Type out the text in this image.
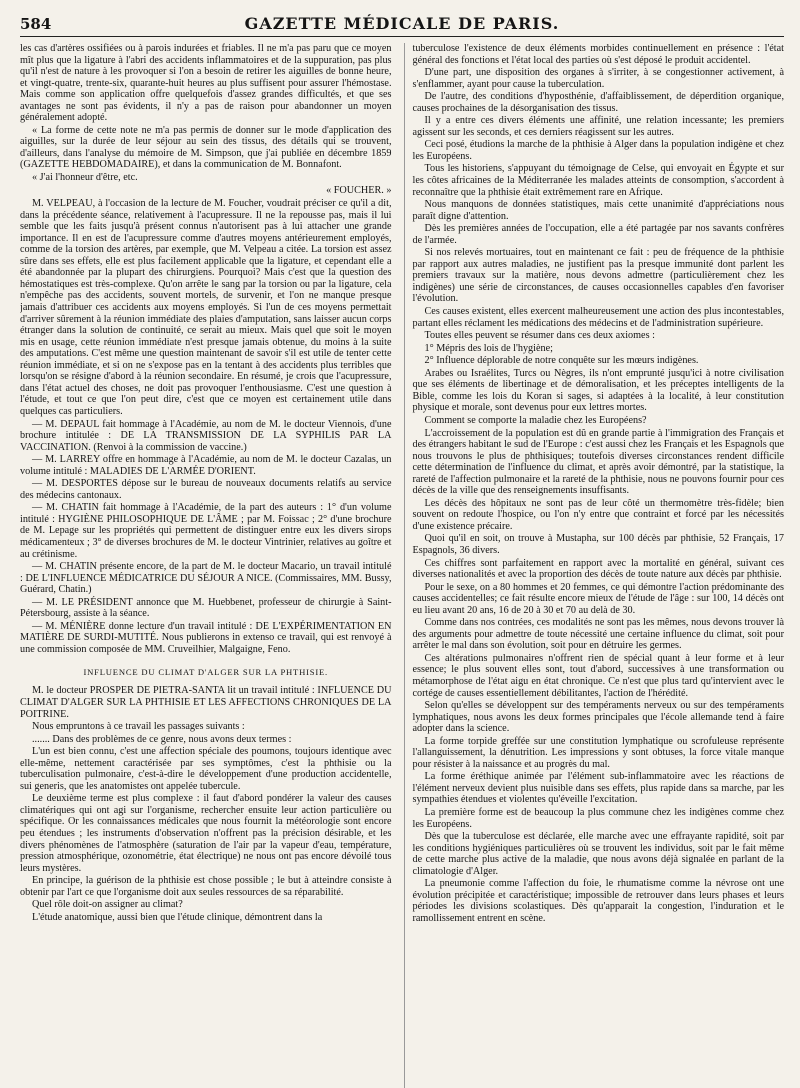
584	GAZETTE MÉDICALE DE PARIS.

les cas d'artères ossifiées ou à parois indurées et friables. Il ne m'a pas paru que ce moyen mît plus que la ligature à l'abri des accidents inflammatoires et de la suppuration, pas plus qu'il n'est de nature à les provoquer si l'on a besoin de retirer les aiguilles de bonne heure, et vingt-quatre, trente-six, quarante-huit heures au plus suffisent pour assurer l'hémostase. Mais comme son application offre quelquefois d'assez grandes difficultés, et que ses avantages ne sont pas évidents, il n'y a pas de raison pour abandonner un moyen généralement adopté.

« La forme de cette note ne m'a pas permis de donner sur le mode d'application des aiguilles, sur la durée de leur séjour au sein des tissus, des détails qui se trouvent, d'ailleurs, dans l'analyse du mémoire de M. Simpson, que j'ai publiée en décembre 1859 (GAZETTE HEBDOMADAIRE), et dans la communication de M. Bonnafont.

« J'ai l'honneur d'être, etc.

« FOUCHER. »

M. VELPEAU, à l'occasion de la lecture de M. Foucher, voudrait préciser ce qu'il a dit, dans la précédente séance, relativement à l'acupressure. Il ne la repousse pas, mais il lui semble que les faits jusqu'à présent connus n'autorisent pas à lui attacher une grande importance. Il en est de l'acupressure comme d'autres moyens antérieurement employés, comme de la torsion des artères, par exemple, que M. Velpeau a citée. La torsion est assez sûre dans ses effets, elle est plus facilement applicable que la ligature, et cependant elle a été abandonnée par la plupart des chirurgiens. Pourquoi? Mais c'est que la question des hémostatiques est très-complexe. Qu'on arrête le sang par la torsion ou par la ligature, cela n'empêche pas des accidents, souvent mortels, de survenir, et l'on ne manque presque jamais d'attribuer ces accidents aux moyens employés. Si l'un de ces moyens permettait d'arriver sûrement à la réunion immédiate des plaies d'amputation, sans laisser aucun corps étranger dans la solution de continuité, ce serait au mieux. Mais quel que soit le moyen mis en usage, cette réunion immédiate n'est presque jamais obtenue, du moins à la suite des amputations. C'est même une question maintenant de savoir s'il est utile de tenter cette réunion immédiate, et si on ne s'expose pas en la tentant à des accidents plus terribles que lorsqu'on se résigne d'abord à la réunion secondaire. En résumé, je crois que l'acupressure, dans l'état actuel des choses, ne doit pas provoquer l'enthousiasme. C'est une question à l'étude, et tout ce que l'on peut dire, c'est que ce moyen est certainement utile dans quelques cas particuliers.

— M. DEPAUL fait hommage à l'Académie, au nom de M. le docteur Viennois, d'une brochure intitulée : DE LA TRANSMISSION DE LA SYPHILIS PAR LA VACCINATION. (Renvoi à la commission de vaccine.)

— M. LARREY offre en hommage à l'Académie, au nom de M. le docteur Cazalas, un volume intitulé : MALADIES DE L'ARMÉE D'ORIENT.

— M. DESPORTES dépose sur le bureau de nouveaux documents relatifs au service des médecins cantonaux.

— M. CHATIN fait hommage à l'Académie, de la part des auteurs : 1° d'un volume intitulé : HYGIÈNE PHILOSOPHIQUE DE L'ÂME ; par M. Foissac ; 2° d'une brochure de M. Lepage sur les propriétés qui permettent de distinguer entre eux les divers sirops médicamenteux ; 3° de diverses brochures de M. le docteur Vintrinier, relatives au goître et au crétinisme.

— M. CHATIN présente encore, de la part de M. le docteur Macario, un travail intitulé : DE L'INFLUENCE MÉDICATRICE DU SÉJOUR A NICE. (Commissaires, MM. Bussy, Guérard, Chatin.)

— M. LE PRÉSIDENT annonce que M. Huebbenet, professeur de chirurgie à Saint-Pétersbourg, assiste à la séance.

— M. MÉNIÈRE donne lecture d'un travail intitulé : DE L'EXPÉRIMENTATION EN MATIÈRE DE SURDI-MUTITÉ. Nous publierons in extenso ce travail, qui est renvoyé à une commission composée de MM. Cruveilhier, Malgaigne, Fenо.

INFLUENCE DU CLIMAT D'ALGER SUR LA PHTHISIE.

M. le docteur PROSPER DE PIETRA-SANTA lit un travail intitulé : INFLUENCE DU CLIMAT D'ALGER SUR LA PHTHISIE ET LES AFFECTIONS CHRONIQUES DE LA POITRINE.

Nous empruntons à ce travail les passages suivants :

....... Dans des problèmes de ce genre, nous avons deux termes :

L'un est bien connu, c'est une affection spéciale des poumons, toujours identique avec elle-même, nettement caractérisée par ses symptômes, c'est la phthisie ou la tuberculisation pulmonaire, c'est-à-dire le développement d'une production accidentelle, sui generis, que les anatomistes ont appelée tubercule.

Le deuxième terme est plus complexe : il faut d'abord pondérer la valeur des causes climatériques qui ont agi sur l'organisme, rechercher ensuite leur action particulière ou spécifique. Or les connaissances médicales que nous fournit la météorologie sont encore peu étendues ; les instruments d'observation n'offrent pas la précision désirable, et les divers phénomènes de l'atmosphère (saturation de l'air par la vapeur d'eau, température, pression atmosphérique, ozonométrie, état électrique) ne nous ont pas encore dévoilé tous leurs mystères.

En principe, la guérison de la phthisie est chose possible ; le but à atteindre consiste à obtenir par l'art ce que l'organisme doit aux seules ressources de sa réparabilité.

Quel rôle doit-on assigner au climat?

L'étude anatomique, aussi bien que l'étude clinique, démontrent dans la

tuberculose l'existence de deux éléments morbides continuellement en présence : l'état général des fonctions et l'état local des parties où s'est déposé le produit accidentel.

D'une part, une disposition des organes à s'irriter, à se congestionner activement, à s'enflammer, ayant pour cause la tuberculation.

De l'autre, des conditions d'hyposthénie, d'affaiblissement, de déperdition organique, causes prochaines de la désorganisation des tissus.

Il y a entre ces divers éléments une affinité, une relation incessante; les premiers agissent sur les seconds, et ces derniers réagissent sur les autres.

Ceci posé, étudions la marche de la phthisie à Alger dans la population indigène et chez les Européens.

Tous les historiens, s'appuyant du témoignage de Celse, qui envoyait en Égypte et sur les côtes africaines de la Méditerranée les malades atteints de consomption, s'accordent à reconnaître que la phthisie était extrêmement rare en Afrique.

Nous manquons de données statistiques, mais cette unanimité d'appréciations nous paraît digne d'attention.

Dès les premières années de l'occupation, elle a été partagée par nos savants confrères de l'armée.

Si nos relevés mortuaires, tout en maintenant ce fait : peu de fréquence de la phthisie par rapport aux autres maladies, ne justifient pas la presque immunité dont parlent les premiers travaux sur la matière, nous devons admettre (particulièrement chez les indigènes) une série de circonstances, de causes occasionnelles capables d'en favoriser l'évolution.

Ces causes existent, elles exercent malheureusement une action des plus incontestables, partant elles réclament les médications des médecins et de l'administration supérieure.

Toutes elles peuvent se résumer dans ces deux axiomes :

1° Mépris des lois de l'hygiène;

2° Influence déplorable de notre conquête sur les mœurs indigènes.

Arabes ou Israélites, Turcs ou Nègres, ils n'ont emprunté jusqu'ici à notre civilisation que ses éléments de libertinage et de démoralisation, et les préceptes intelligents de la Bible, comme les lois du Koran si sages, si adaptées à la localité, à leur constitution physique et morale, sont devenus pour eux lettres mortes.

Comment se comporte la maladie chez les Européens?

L'accroissement de la population est dû en grande partie à l'immigration des Français et des étrangers habitant le sud de l'Europe : c'est aussi chez les Français et les Espagnols que nous trouvons le plus de phthisiques; toutefois diverses circonstances rendent difficile cette détermination de l'influence du climat, et après avoir démontré, par la statistique, la rareté de l'affection pulmonaire et la rareté de la phthisie, nous ne pouvons fournir pour ces décès de la ville que des renseignements insuffisants.

Les décès des hôpitaux ne sont pas de leur côté un thermomètre très-fidèle; bien souvent on redoute l'hospice, ou l'on n'y entre que contraint et forcé par les nécessités d'une existence précaire.

Quoi qu'il en soit, on trouve à Mustapha, sur 100 décès par phthisie, 52 Français, 17 Espagnols, 36 divers.

Ces chiffres sont parfaitement en rapport avec la mortalité en général, suivant ces diverses nationalités et avec la proportion des décès de toute nature aux décès par phthisie.

Pour le sexe, on a 80 hommes et 20 femmes, ce qui démontre l'action prédominante des causes accidentelles; ce fait résulte encore mieux de l'étude de l'âge : sur 100, 14 décès ont eu lieu avant 20 ans, 16 de 20 à 30 et 70 au delà de 30.

Comme dans nos contrées, ces modalités ne sont pas les mêmes, nous devons trouver là des arguments pour admettre de toute nécessité une certaine influence du climat, soit pour arrêter le mal dans son évolution, soit pour en détruire les germes.

Ces altérations pulmonaires n'offrent rien de spécial quant à leur forme et à leur essence; le plus souvent elles sont, tout d'abord, successives à une transformation ou métamorphose de l'état aigu en état chronique. Ce n'est que plus tard qu'intervient avec le cortége de causes essentiellement débilitantes, l'action de l'hérédité.

Selon qu'elles se développent sur des tempéraments nerveux ou sur des tempéraments lymphatiques, nous avons les deux formes principales que l'école allemande tend à faire adopter dans la science.

La forme torpide greffée sur une constitution lymphatique ou scrofuleuse représente l'allanguissement, la dénutrition. Les impressions y sont obtuses, la force vitale manque pour résister à la naissance et au progrès du mal.

La forme éréthique animée par l'élément sub-inflammatoire avec les réactions de l'élément nerveux devient plus nuisible dans ses effets, plus rapide dans sa marche, par les sympathies étendues et violentes qu'éveille l'excitation.

La première forme est de beaucoup la plus commune chez les indigènes comme chez les Européens.

Dès que la tuberculose est déclarée, elle marche avec une effrayante rapidité, soit par les conditions hygiéniques particulières où se trouvent les individus, soit par le fait même de cette marche plus active de la maladie, que nous avons déjà signalée en parlant de la climatologie d'Alger.

La pneumonie comme l'affection du foie, le rhumatisme comme la névrose ont une évolution précipitée et caractéristique; impossible de retrouver dans leurs phases et leurs périodes les divisions scolastiques. Dès qu'apparait la congestion, l'induration et le ramollissement entrent en scène.
